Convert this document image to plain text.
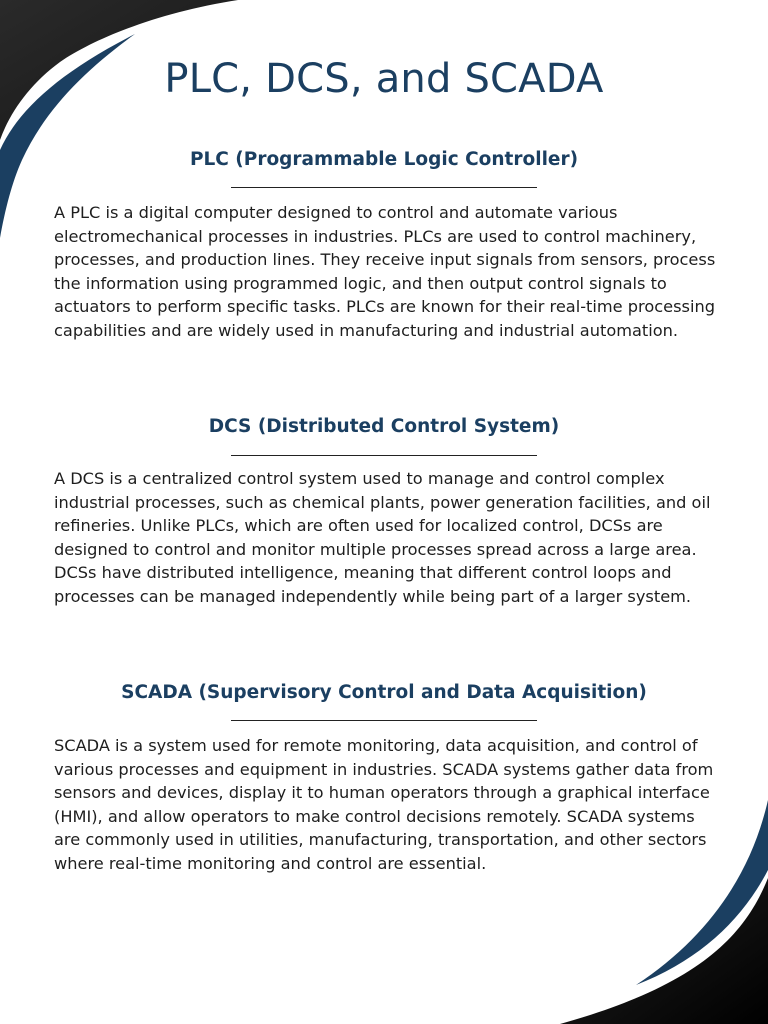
PLC, DCS, and SCADA
PLC (Programmable Logic Controller)

A PLC is a digital computer designed to control and automate various electromechanical processes in industries. PLCs are used to control machinery, processes, and production lines. They receive input signals from sensors, process the information using programmed logic, and then output control signals to actuators to perform specific tasks. PLCs are known for their real-time processing capabilities and are widely used in manufacturing and industrial automation.

DCS (Distributed Control System)

A DCS is a centralized control system used to manage and control complex industrial processes, such as chemical plants, power generation facilities, and oil refineries. Unlike PLCs, which are often used for localized control, DCSs are designed to control and monitor multiple processes spread across a large area. DCSs have distributed intelligence, meaning that different control loops and processes can be managed independently while being part of a larger system.

SCADA (Supervisory Control and Data Acquisition)

SCADA is a system used for remote monitoring, data acquisition, and control of various processes and equipment in industries. SCADA systems gather data from sensors and devices, display it to human operators through a graphical interface (HMI), and allow operators to make control decisions remotely. SCADA systems are commonly used in utilities, manufacturing, transportation, and other sectors where real-time monitoring and control are essential.
